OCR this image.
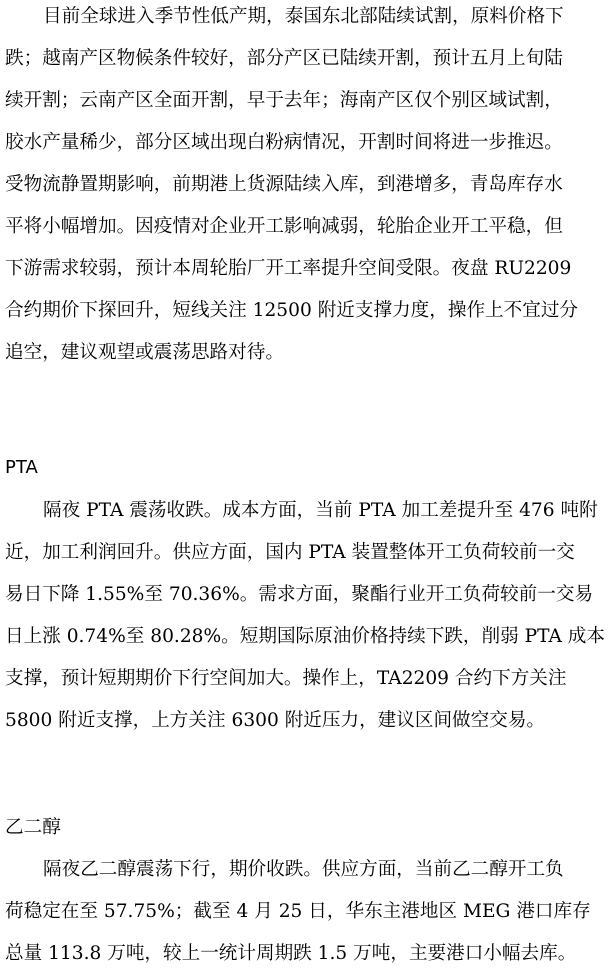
目前全球进入季节性低产期，泰国东北部陆续试割，原料价格下
跌；越南产区物候条件较好，部分产区已陆续开割，预计五月上旬陆
续开割；云南产区全面开割，早于去年；海南产区仅个别区域试割，
胶水产量稀少，部分区域出现白粉病情况，开割时间将进一步推迟。
受物流静置期影响，前期港上货源陆续入库，到港增多，青岛库存水
平将小幅增加。因疫情对企业开工影响减弱，轮胎企业开工平稳，但
下游需求较弱，预计本周轮胎厂开工率提升空间受限。夜盘 RU2209
合约期价下探回升，短线关注 12500 附近支撑力度，操作上不宜过分
追空，建议观望或震荡思路对待。
PTA
隔夜 PTA 震荡收跌。成本方面，当前 PTA 加工差提升至 476 吨附
近，加工利润回升。供应方面，国内 PTA 装置整体开工负荷较前一交
易日下降 1.55%至 70.36%。需求方面，聚酯行业开工负荷较前一交易
日上涨 0.74%至 80.28%。短期国际原油价格持续下跌，削弱 PTA 成本
支撑，预计短期期价下行空间加大。操作上，TA2209 合约下方关注
5800 附近支撑，上方关注 6300 附近压力，建议区间做空交易。
乙二醇
隔夜乙二醇震荡下行，期价收跌。供应方面，当前乙二醇开工负
荷稳定在至 57.75%；截至 4 月 25 日，华东主港地区 MEG 港口库存
总量 113.8 万吨，较上一统计周期跌 1.5 万吨，主要港口小幅去库。
